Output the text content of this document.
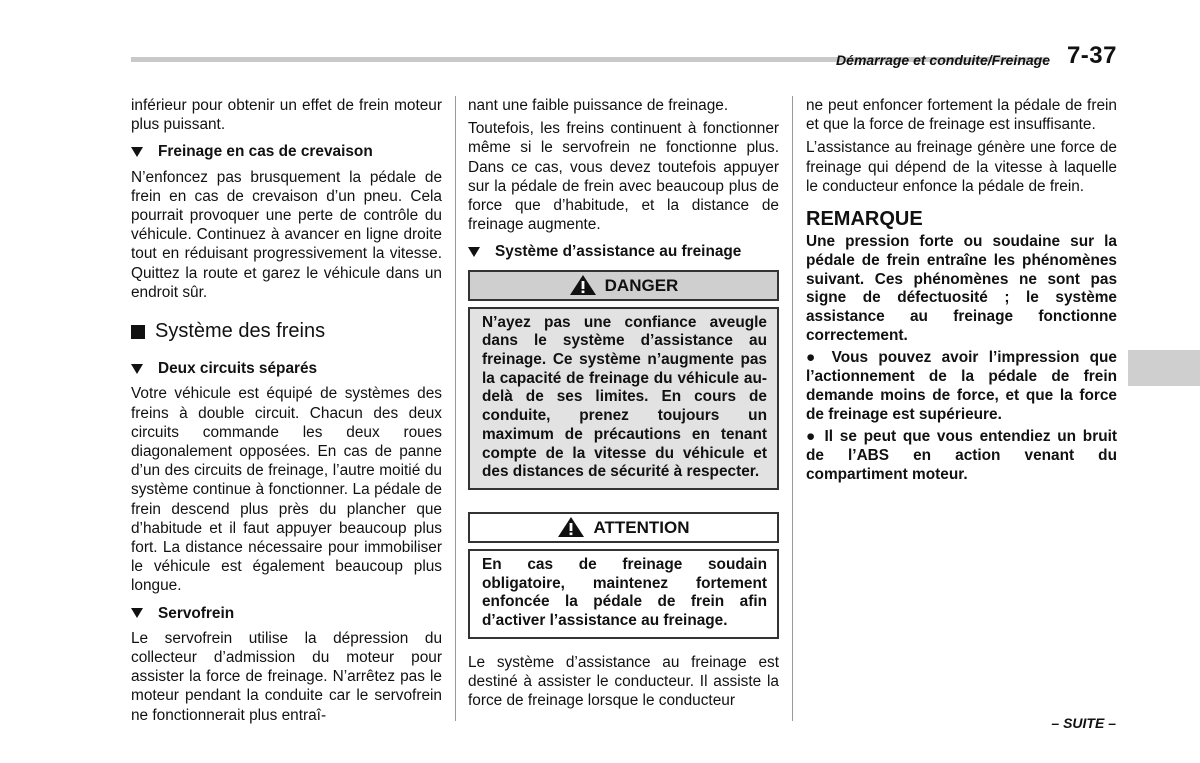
Démarrage et conduite/Freinage 7-37

inférieur pour obtenir un effet de frein moteur plus puissant.

Freinage en cas de crevaison

N’enfoncez pas brusquement la pédale de frein en cas de crevaison d’un pneu. Cela pourrait provoquer une perte de contrôle du véhicule. Continuez à avancer en ligne droite tout en réduisant progressivement la vitesse. Quittez la route et garez le véhicule dans un endroit sûr.

Système des freins
Deux circuits séparés

Votre véhicule est équipé de systèmes des freins à double circuit. Chacun des deux circuits commande les deux roues diagonalement opposées. En cas de panne d’un des circuits de freinage, l’autre moitié du système continue à fonctionner. La pédale de frein descend plus près du plancher que d’habitude et il faut appuyer beaucoup plus fort. La distance nécessaire pour immobiliser le véhicule est également beaucoup plus longue.

Servofrein

Le servofrein utilise la dépression du collecteur d’admission du moteur pour assister la force de freinage. N’arrêtez pas le moteur pendant la conduite car le servofrein ne fonctionnerait plus entraî-

nant une faible puissance de freinage.

Toutefois, les freins continuent à fonctionner même si le servofrein ne fonctionne plus. Dans ce cas, vous devez toutefois appuyer sur la pédale de frein avec beaucoup plus de force que d’habitude, et la distance de freinage augmente.

Système d’assistance au freinage
DANGER
N’ayez pas une confiance aveugle dans le système d’assistance au freinage. Ce système n’augmente pas la capacité de freinage du véhicule au-delà de ses limites. En cours de conduite, prenez toujours un maximum de précautions en tenant compte de la vitesse du véhicule et des distances de sécurité à respecter.
ATTENTION
En cas de freinage soudain obligatoire, maintenez fortement enfoncée la pédale de frein afin d’activer l’assistance au freinage.

Le système d’assistance au freinage est destiné à assister le conducteur. Il assiste la force de freinage lorsque le conducteur

ne peut enfoncer fortement la pédale de frein et que la force de freinage est insuffisante.

L’assistance au freinage génère une force de freinage qui dépend de la vitesse à laquelle le conducteur enfonce la pédale de frein.

REMARQUE

Une pression forte ou soudaine sur la pédale de frein entraîne les phénomènes suivant. Ces phénomènes ne sont pas signe de défectuosité ; le système assistance au freinage fonctionne correctement.

● Vous pouvez avoir l’impression que l’actionnement de la pédale de frein demande moins de force, et que la force de freinage est supérieure.

● Il se peut que vous entendiez un bruit de l’ABS en action venant du compartiment moteur.

– SUITE –
